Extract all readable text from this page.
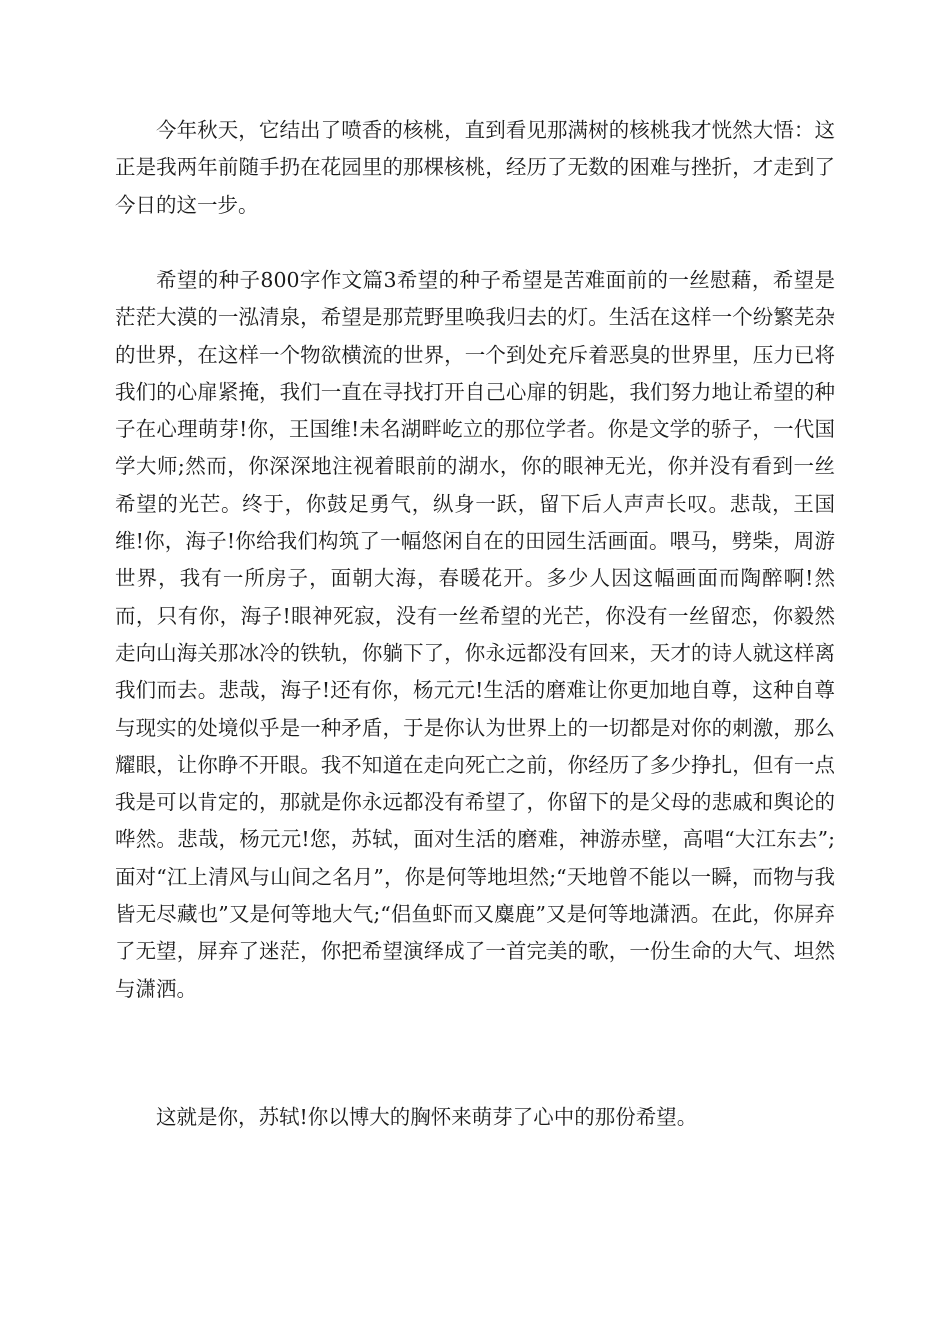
今年秋天，它结出了喷香的核桃，直到看见那满树的核桃我才恍然大悟：这正是我两年前随手扔在花园里的那棵核桃，经历了无数的困难与挫折，才走到了今日的这一步。

希望的种子800字作文篇3希望的种子希望是苦难面前的一丝慰藉，希望是茫茫大漠的一泓清泉，希望是那荒野里唤我归去的灯。生活在这样一个纷繁芜杂的世界，在这样一个物欲横流的世界，一个到处充斥着恶臭的世界里，压力已将我们的心扉紧掩，我们一直在寻找打开自己心扉的钥匙，我们努力地让希望的种子在心理萌芽!你，王国维!未名湖畔屹立的那位学者。你是文学的骄子，一代国学大师;然而，你深深地注视着眼前的湖水，你的眼神无光，你并没有看到一丝希望的光芒。终于，你鼓足勇气，纵身一跃，留下后人声声长叹。悲哉，王国维!你，海子!你给我们构筑了一幅悠闲自在的田园生活画面。喂马，劈柴，周游世界，我有一所房子，面朝大海，春暖花开。多少人因这幅画面而陶醉啊!然而，只有你，海子!眼神死寂，没有一丝希望的光芒，你没有一丝留恋，你毅然走向山海关那冰冷的铁轨，你躺下了，你永远都没有回来，天才的诗人就这样离我们而去。悲哉，海子!还有你，杨元元!生活的磨难让你更加地自尊，这种自尊与现实的处境似乎是一种矛盾，于是你认为世界上的一切都是对你的刺激，那么耀眼，让你睁不开眼。我不知道在走向死亡之前，你经历了多少挣扎，但有一点我是可以肯定的，那就是你永远都没有希望了，你留下的是父母的悲戚和舆论的哗然。悲哉，杨元元!您，苏轼，面对生活的磨难，神游赤壁，高唱“大江东去”;面对“江上清风与山间之名月”，你是何等地坦然;“天地曾不能以一瞬，而物与我皆无尽藏也”又是何等地大气;“侣鱼虾而又麋鹿”又是何等地潇洒。在此，你屏弃了无望，屏弃了迷茫，你把希望演绎成了一首完美的歌，一份生命的大气、坦然与潇洒。

这就是你，苏轼!你以博大的胸怀来萌芽了心中的那份希望。
